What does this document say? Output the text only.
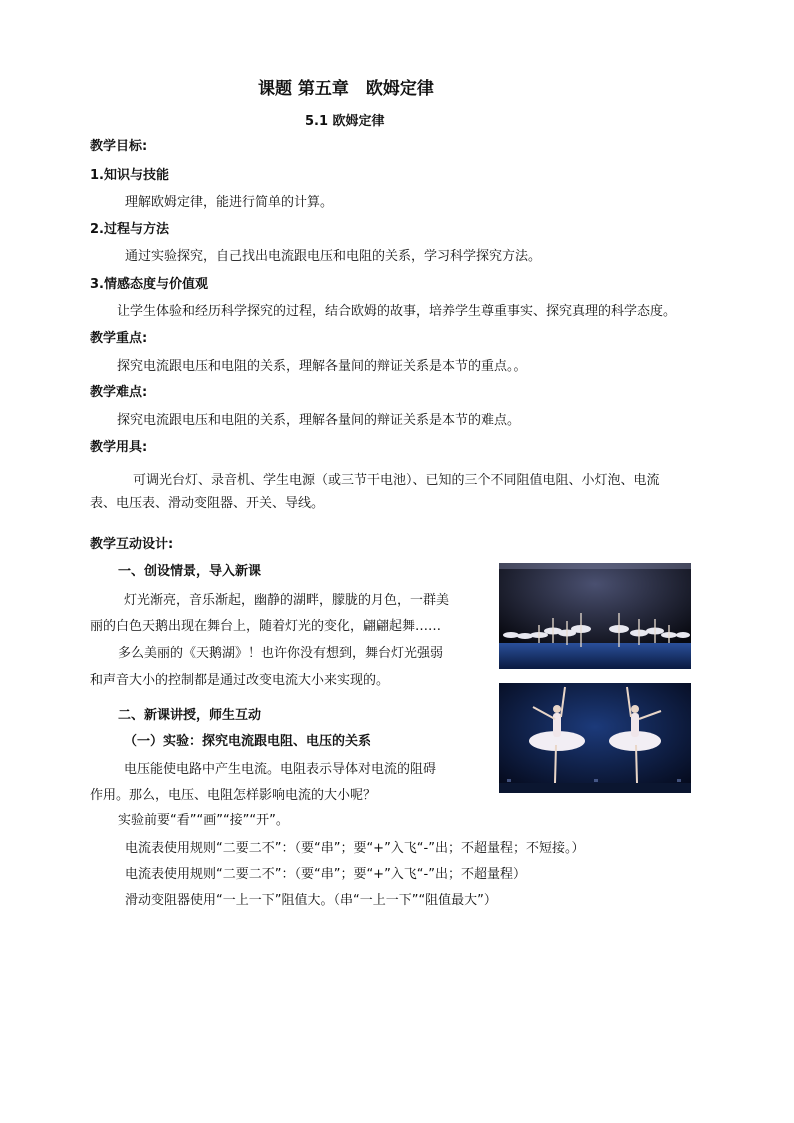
课题 第五章　欧姆定律
5.1 欧姆定律
教学目标:
1.知识与技能
理解欧姆定律，能进行简单的计算。
2.过程与方法
通过实验探究，自己找出电流跟电压和电阻的关系，学习科学探究方法。
3.情感态度与价值观
让学生体验和经历科学探究的过程，结合欧姆的故事，培养学生尊重事实、探究真理的科学态度。
教学重点:
探究电流跟电压和电阻的关系，理解各量间的辩证关系是本节的重点。。
教学难点:
探究电流跟电压和电阻的关系，理解各量间的辩证关系是本节的难点。
教学用具:
可调光台灯、录音机、学生电源（或三节干电池）、已知的三个不同阻值电阻、小灯泡、电流
表、电压表、滑动变阻器、开关、导线。
教学互动设计:
一、创设情景，导入新课
灯光渐亮，音乐渐起，幽静的湖畔，朦胧的月色，一群美
丽的白色天鹅出现在舞台上，随着灯光的变化，翩翩起舞……
多么美丽的《天鹅湖》！也许你没有想到，舞台灯光强弱
和声音大小的控制都是通过改变电流大小来实现的。
二、新课讲授，师生互动
（一）实验：探究电流跟电阻、电压的关系
电压能使电路中产生电流。电阻表示导体对电流的阻碍
作用。那么，电压、电阻怎样影响电流的大小呢？
实验前要“看”“画”“接”“开”。
电流表使用规则“二要二不”：（要“串”；要“+”入飞“-”出；不超量程；不短接。）
电流表使用规则“二要二不”：（要“串”；要“+”入飞“-”出；不超量程）
滑动变阻器使用“一上一下”阻值大。（串“一上一下”“阻值最大”）
